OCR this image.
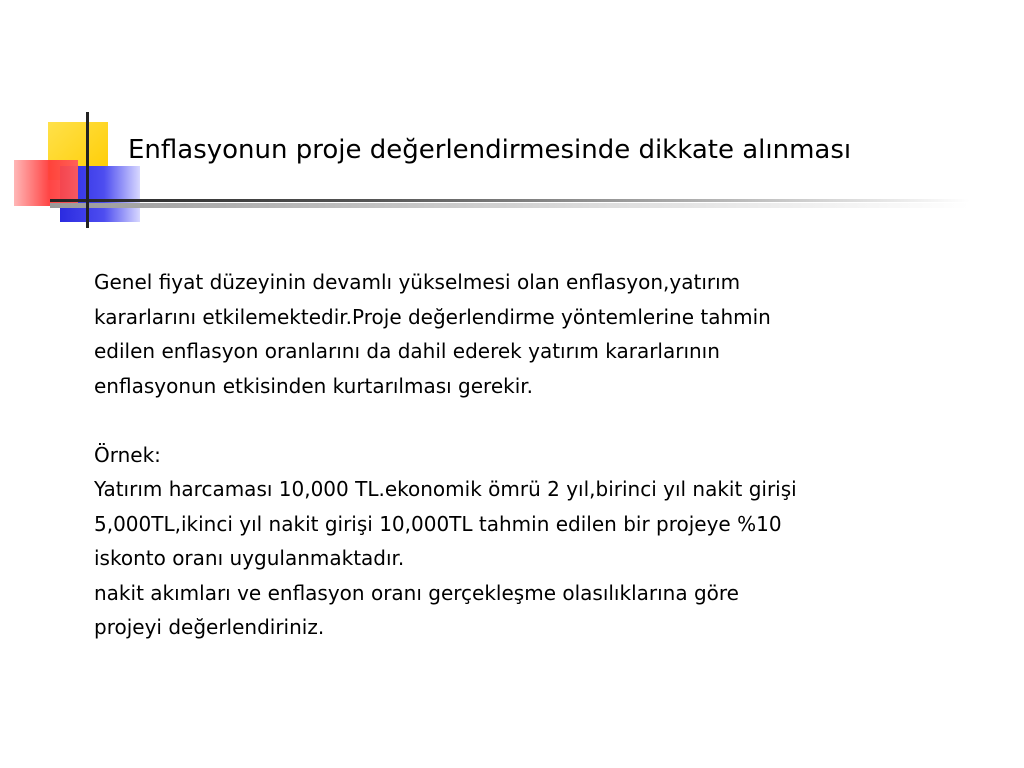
Enflasyonun proje değerlendirmesinde dikkate alınması

Genel fiyat düzeyinin devamlı yükselmesi olan enflasyon,yatırım

kararlarını etkilemektedir.Proje değerlendirme yöntemlerine tahmin

edilen enflasyon oranlarını da dahil ederek yatırım kararlarının

enflasyonun etkisinden kurtarılması gerekir.

Örnek:

Yatırım harcaması 10,000 TL.ekonomik ömrü 2 yıl,birinci yıl nakit girişi

5,000TL,ikinci yıl nakit girişi 10,000TL tahmin edilen bir projeye %10

iskonto oranı uygulanmaktadır.

nakit akımları ve enflasyon oranı gerçekleşme olasılıklarına göre

projeyi değerlendiriniz.
